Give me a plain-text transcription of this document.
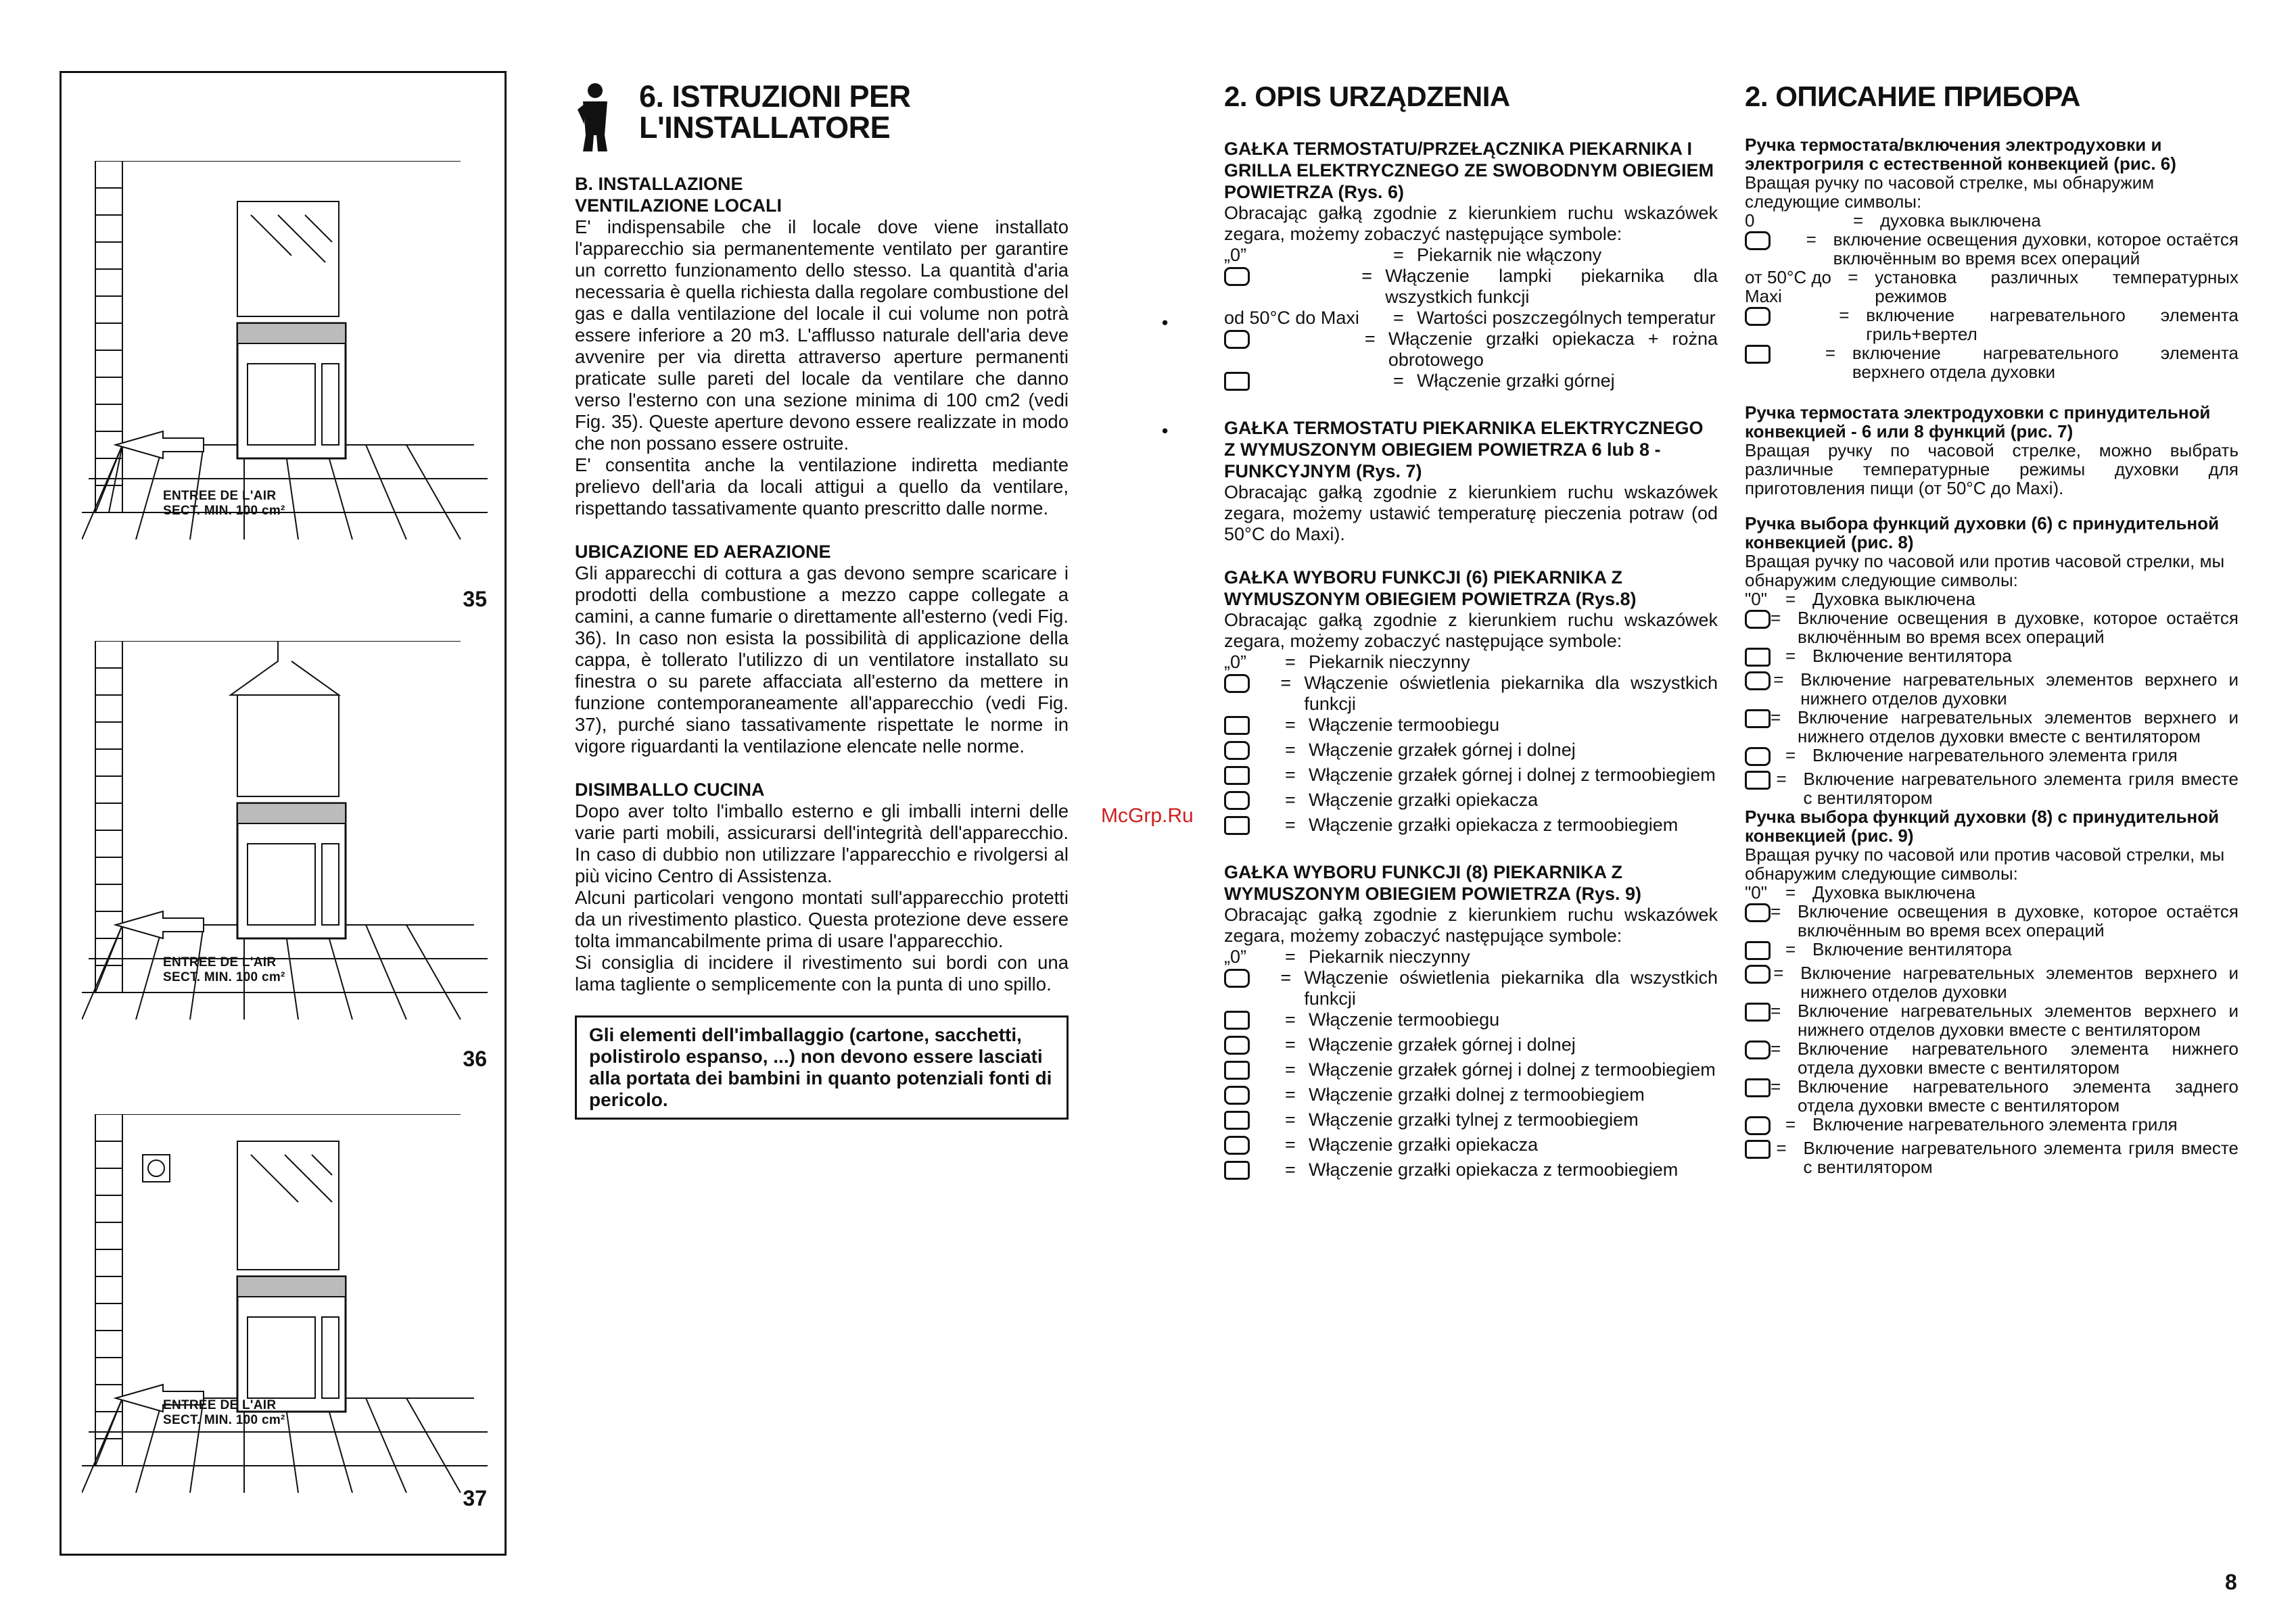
ENTREE DE L'AIR
SECT. MIN. 100 cm²
35
ENTREE DE L'AIR
SECT. MIN. 100 cm²
36
ENTREE DE L'AIR
SECT. MIN. 100 cm²
37
6. ISTRUZIONI PER
L'INSTALLATORE
B. INSTALLAZIONE
VENTILAZIONE LOCALI

E' indispensabile che il locale dove viene installato l'apparecchio sia permanentemente ventilato per garantire un corretto funzionamento dello stesso. La quantità d'aria necessaria è quella richiesta dalla regolare combustione del gas e dalla ventilazione del locale il cui volume non potrà essere inferiore a 20 m3. L'afflusso naturale dell'aria deve avvenire per via diretta attraverso aperture permanenti praticate sulle pareti del locale da ventilare che danno verso l'esterno con una sezione minima di 100 cm2 (vedi Fig. 35). Queste aperture devono essere realizzate in modo che non possano essere ostruite.

E' consentita anche la ventilazione indiretta mediante prelievo dell'aria da locali attigui a quello da ventilare, rispettando tassativamente quanto prescritto dalle norme.

UBICAZIONE ED AERAZIONE

Gli apparecchi di cottura a gas devono sempre scaricare i prodotti della combustione a mezzo cappe collegate a camini, a canne fumarie o direttamente all'esterno (vedi Fig. 36). In caso non esista la possibilità di applicazione della cappa, è tollerato l'utilizzo di un ventilatore installato su finestra o su parete affacciata all'esterno da mettere in funzione contemporaneamente all'apparecchio (vedi Fig. 37), purché siano tassativamente rispettate le norme in vigore riguardanti la ventilazione elencate nelle norme.

DISIMBALLO CUCINA

Dopo aver tolto l'imballo esterno e gli imballi interni delle varie parti mobili, assicurarsi dell'integrità dell'apparecchio. In caso di dubbio non utilizzare l'apparecchio e rivolgersi al più vicino Centro di Assistenza.

Alcuni particolari vengono montati sull'apparecchio protetti da un rivestimento plastico. Questa protezione deve essere tolta immancabilmente prima di usare l'apparecchio.

Si consiglia di incidere il rivestimento sui bordi con una lama tagliente o semplicemente con la punta di uno spillo.

Gli elementi dell'imballaggio (cartone, sacchetti, polistirolo espanso, ...) non devono essere lasciati alla portata dei bambini in quanto potenziali fonti di pericolo.
McGrp.Ru
•
•
2. OPIS URZĄDZENIA
GAŁKA TERMOSTATU/PRZEŁĄCZNIKA PIEKARNIKA I GRILLA ELEKTRYCZNEGO ZE SWOBODNYM OBIEGIEM POWIETRZA (Rys. 6)

Obracając gałką zgodnie z kierunkiem ruchu wskazówek zegara, możemy zobaczyć następujące symbole:

„0”	= Piekarnik nie włączony
= Włączenie lampki piekarnika dla wszystkich funkcji
od 50°C do Maxi	= Wartości poszczególnych temperatur
= Włączenie grzałki opiekacza + rożna obrotowego
= Włączenie grzałki górnej
GAŁKA TERMOSTATU PIEKARNIKA ELEKTRYCZNEGO Z WYMUSZONYM OBIEGIEM POWIETRZA 6 lub 8 - FUNKCYJNYM (Rys. 7)

Obracając gałką zgodnie z kierunkiem ruchu wskazówek zegara, możemy ustawić temperaturę pieczenia potraw (od 50°C do Maxi).

GAŁKA WYBORU FUNKCJI (6) PIEKARNIKA Z WYMUSZONYM OBIEGIEM POWIETRZA (Rys.8)

Obracając gałką zgodnie z kierunkiem ruchu wskazówek zegara, możemy zobaczyć następujące symbole:

„0”	= Piekarnik nieczynny
= Włączenie oświetlenia piekarnika dla wszystkich funkcji
= Włączenie termoobiegu
= Włączenie grzałek górnej i dolnej
= Włączenie grzałek górnej i dolnej z termoobiegiem
= Włączenie grzałki opiekacza
= Włączenie grzałki opiekacza z termoobiegiem
GAŁKA WYBORU FUNKCJI (8) PIEKARNIKA Z WYMUSZONYM OBIEGIEM POWIETRZA (Rys. 9)

Obracając gałką zgodnie z kierunkiem ruchu wskazówek zegara, możemy zobaczyć następujące symbole:

„0”	= Piekarnik nieczynny
= Włączenie oświetlenia piekarnika dla wszystkich funkcji
= Włączenie termoobiegu
= Włączenie grzałek górnej i dolnej
= Włączenie grzałek górnej i dolnej z termoobiegiem
= Włączenie grzałki dolnej z termoobiegiem
= Włączenie grzałki tylnej z termoobiegiem
= Włączenie grzałki opiekacza
= Włączenie grzałki opiekacza z termoobiegiem
2. ОПИСАНИЕ ПРИБОРА
Ручка термостата/включения электродуховки и электрогриля с естественной конвекцией (рис. 6)

Вращая ручку по часовой стрелке, мы обнаружим следующие символы:

0	= духовка выключена
= включение освещения духовки, которое остаётся включённым во время всех операций
от 50°C до Maxi
= установка различных температурных режимов
= включение нагревательного элемента гриль+вертел
= включение нагревательного элемента верхнего отдела духовки
Ручка термостата электродуховки с принудительной конвекцией - 6 или 8 функций (рис. 7)

Вращая ручку по часовой стрелке, можно выбрать различные температурные режимы духовки для приготовления пищи (от 50°C до Maxi).

Ручка выбора функций духовки (6) с принудительной конвекцией (рис. 8)

Вращая ручку по часовой или против часовой стрелки, мы обнаружим следующие символы:

"0"	= Духовка выключена
= Включение освещения в духовке, которое остаётся включённым во время всех операций
= Включение вентилятора
= Включение нагревательных элементов верхнего и нижнего отделов духовки
= Включение нагревательных элементов верхнего и нижнего отделов духовки вместе с вентилятором
= Включение нагревательного элемента гриля
= Включение нагревательного элемента гриля вместе с вентилятором
Ручка выбора функций духовки (8) с принудительной конвекцией (рис. 9)

Вращая ручку по часовой или против часовой стрелки, мы обнаружим следующие символы:

"0"	= Духовка выключена
= Включение освещения в духовке, которое остаётся включённым во время всех операций
= Включение вентилятора
= Включение нагревательных элементов верхнего и нижнего отделов духовки
= Включение нагревательных элементов верхнего и нижнего отделов духовки вместе с вентилятором
= Включение нагревательного элемента нижнего отдела духовки вместе с вентилятором
= Включение нагревательного элемента заднего отдела духовки вместе с вентилятором
= Включение нагревательного элемента гриля
= Включение нагревательного элемента гриля вместе с вентилятором
8
